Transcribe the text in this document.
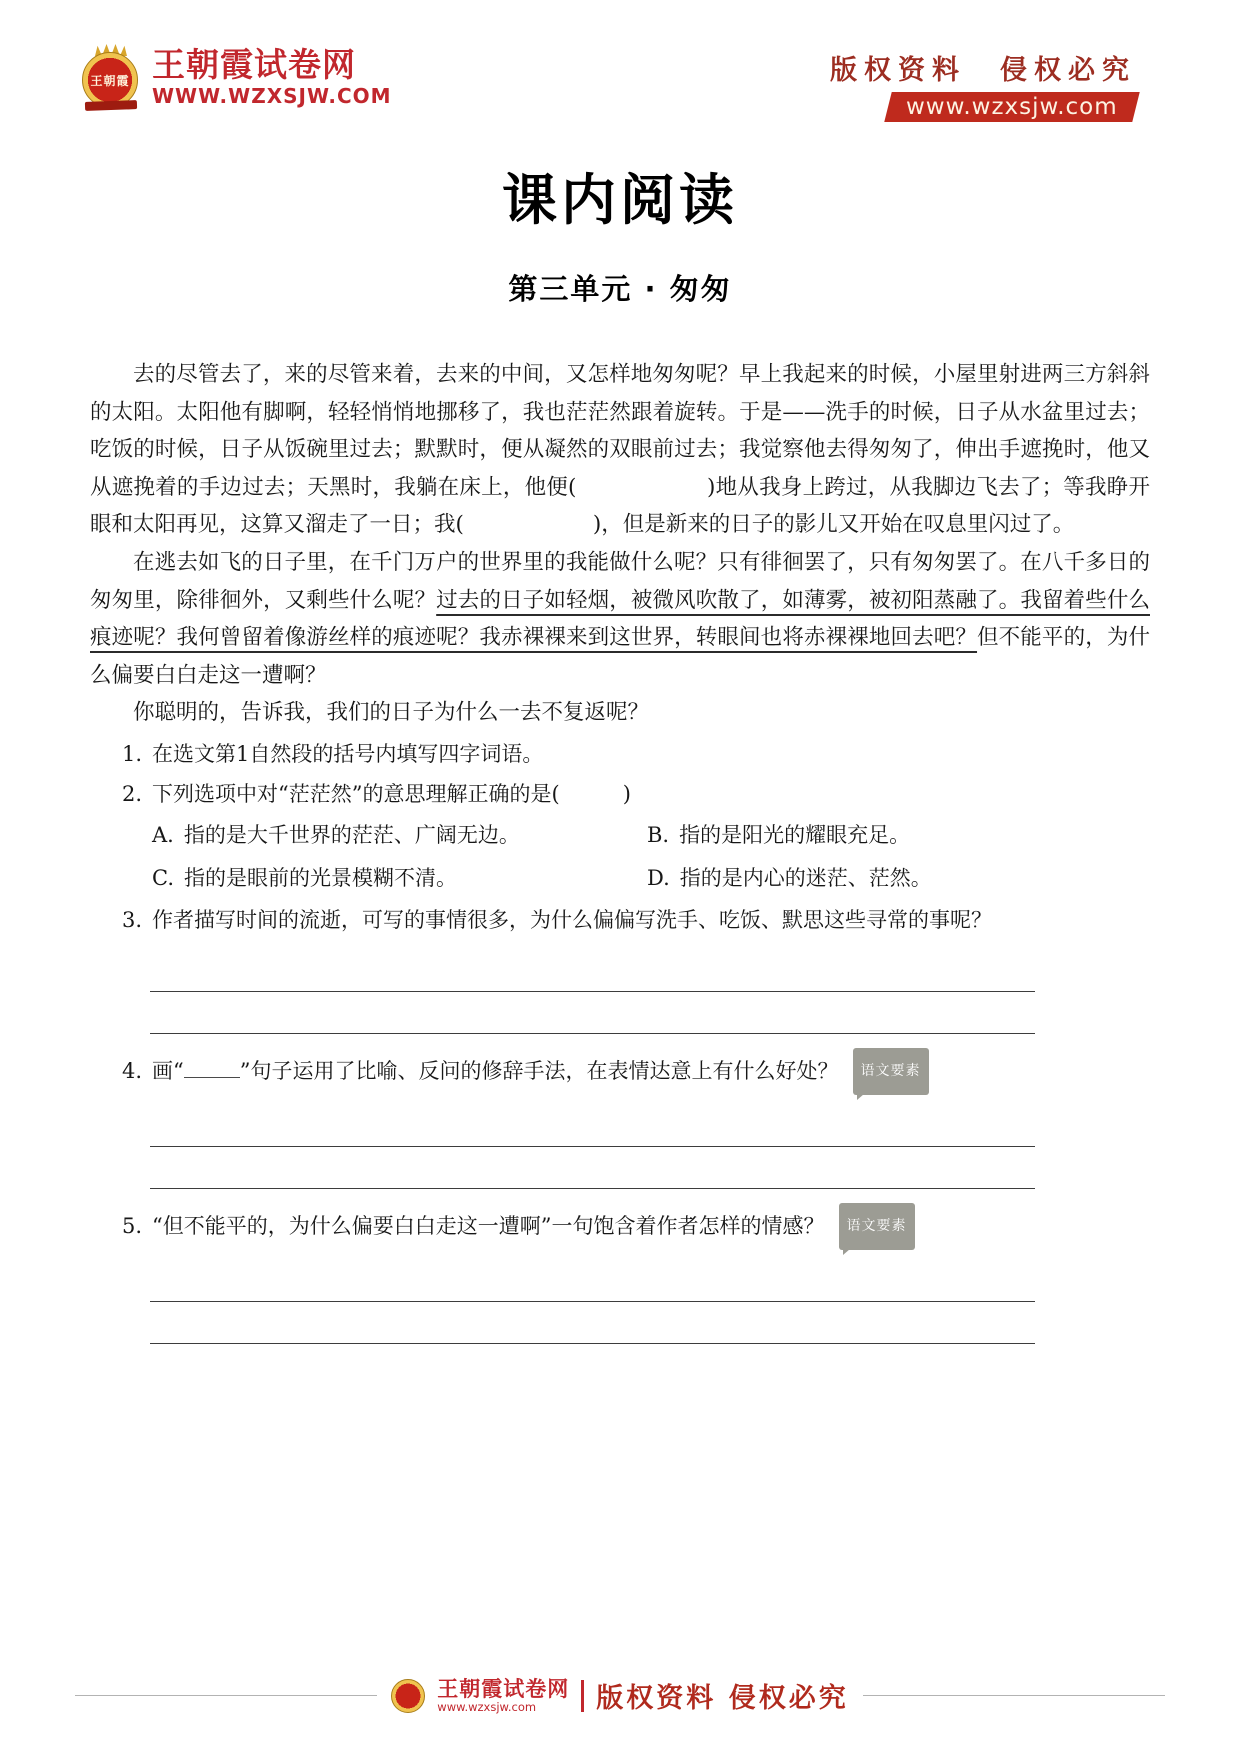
王朝霞 王朝霞试卷网
WWW.WZXSJW.COM
版权资料　侵权必究
www.wzxsjw.com
课内阅读
第三单元 · 匆匆

去的尽管去了，来的尽管来着，去来的中间，又怎样地匆匆呢？早上我起来的时候，小屋里射进两三方斜斜的太阳。太阳他有脚啊，轻轻悄悄地挪移了，我也茫茫然跟着旋转。于是——洗手的时候，日子从水盆里过去；吃饭的时候，日子从饭碗里过去；默默时，便从凝然的双眼前过去；我觉察他去得匆匆了，伸出手遮挽时，他又从遮挽着的手边过去；天黑时，我躺在床上，他便(　　　　　　)地从我身上跨过，从我脚边飞去了；等我睁开眼和太阳再见，这算又溜走了一日；我(　　　　　　)，但是新来的日子的影儿又开始在叹息里闪过了。

在逃去如飞的日子里，在千门万户的世界里的我能做什么呢？只有徘徊罢了，只有匆匆罢了。在八千多日的匆匆里，除徘徊外，又剩些什么呢？过去的日子如轻烟，被微风吹散了，如薄雾，被初阳蒸融了。我留着些什么痕迹呢？我何曾留着像游丝样的痕迹呢？我赤裸裸来到这世界，转眼间也将赤裸裸地回去吧？但不能平的，为什么偏要白白走这一遭啊？

你聪明的，告诉我，我们的日子为什么一去不复返呢？

1. 在选文第1自然段的括号内填写四字词语。
2. 下列选项中对“茫茫然”的意思理解正确的是(　　　)
A. 指的是大千世界的茫茫、广阔无边。	B. 指的是阳光的耀眼充足。
C. 指的是眼前的光景模糊不清。	D. 指的是内心的迷茫、茫然。
3. 作者描写时间的流逝，可写的事情很多，为什么偏偏写洗手、吃饭、默思这些寻常的事呢？
4. 画“	”句子运用了比喻、反问的修辞手法，在表情达意上有什么好处？ 语文要素
5. “但不能平的，为什么偏要白白走这一遭啊”一句饱含着作者怎样的情感？ 语文要素
王朝霞试卷网
www.wzxsjw.com	版权资料 侵权必究
